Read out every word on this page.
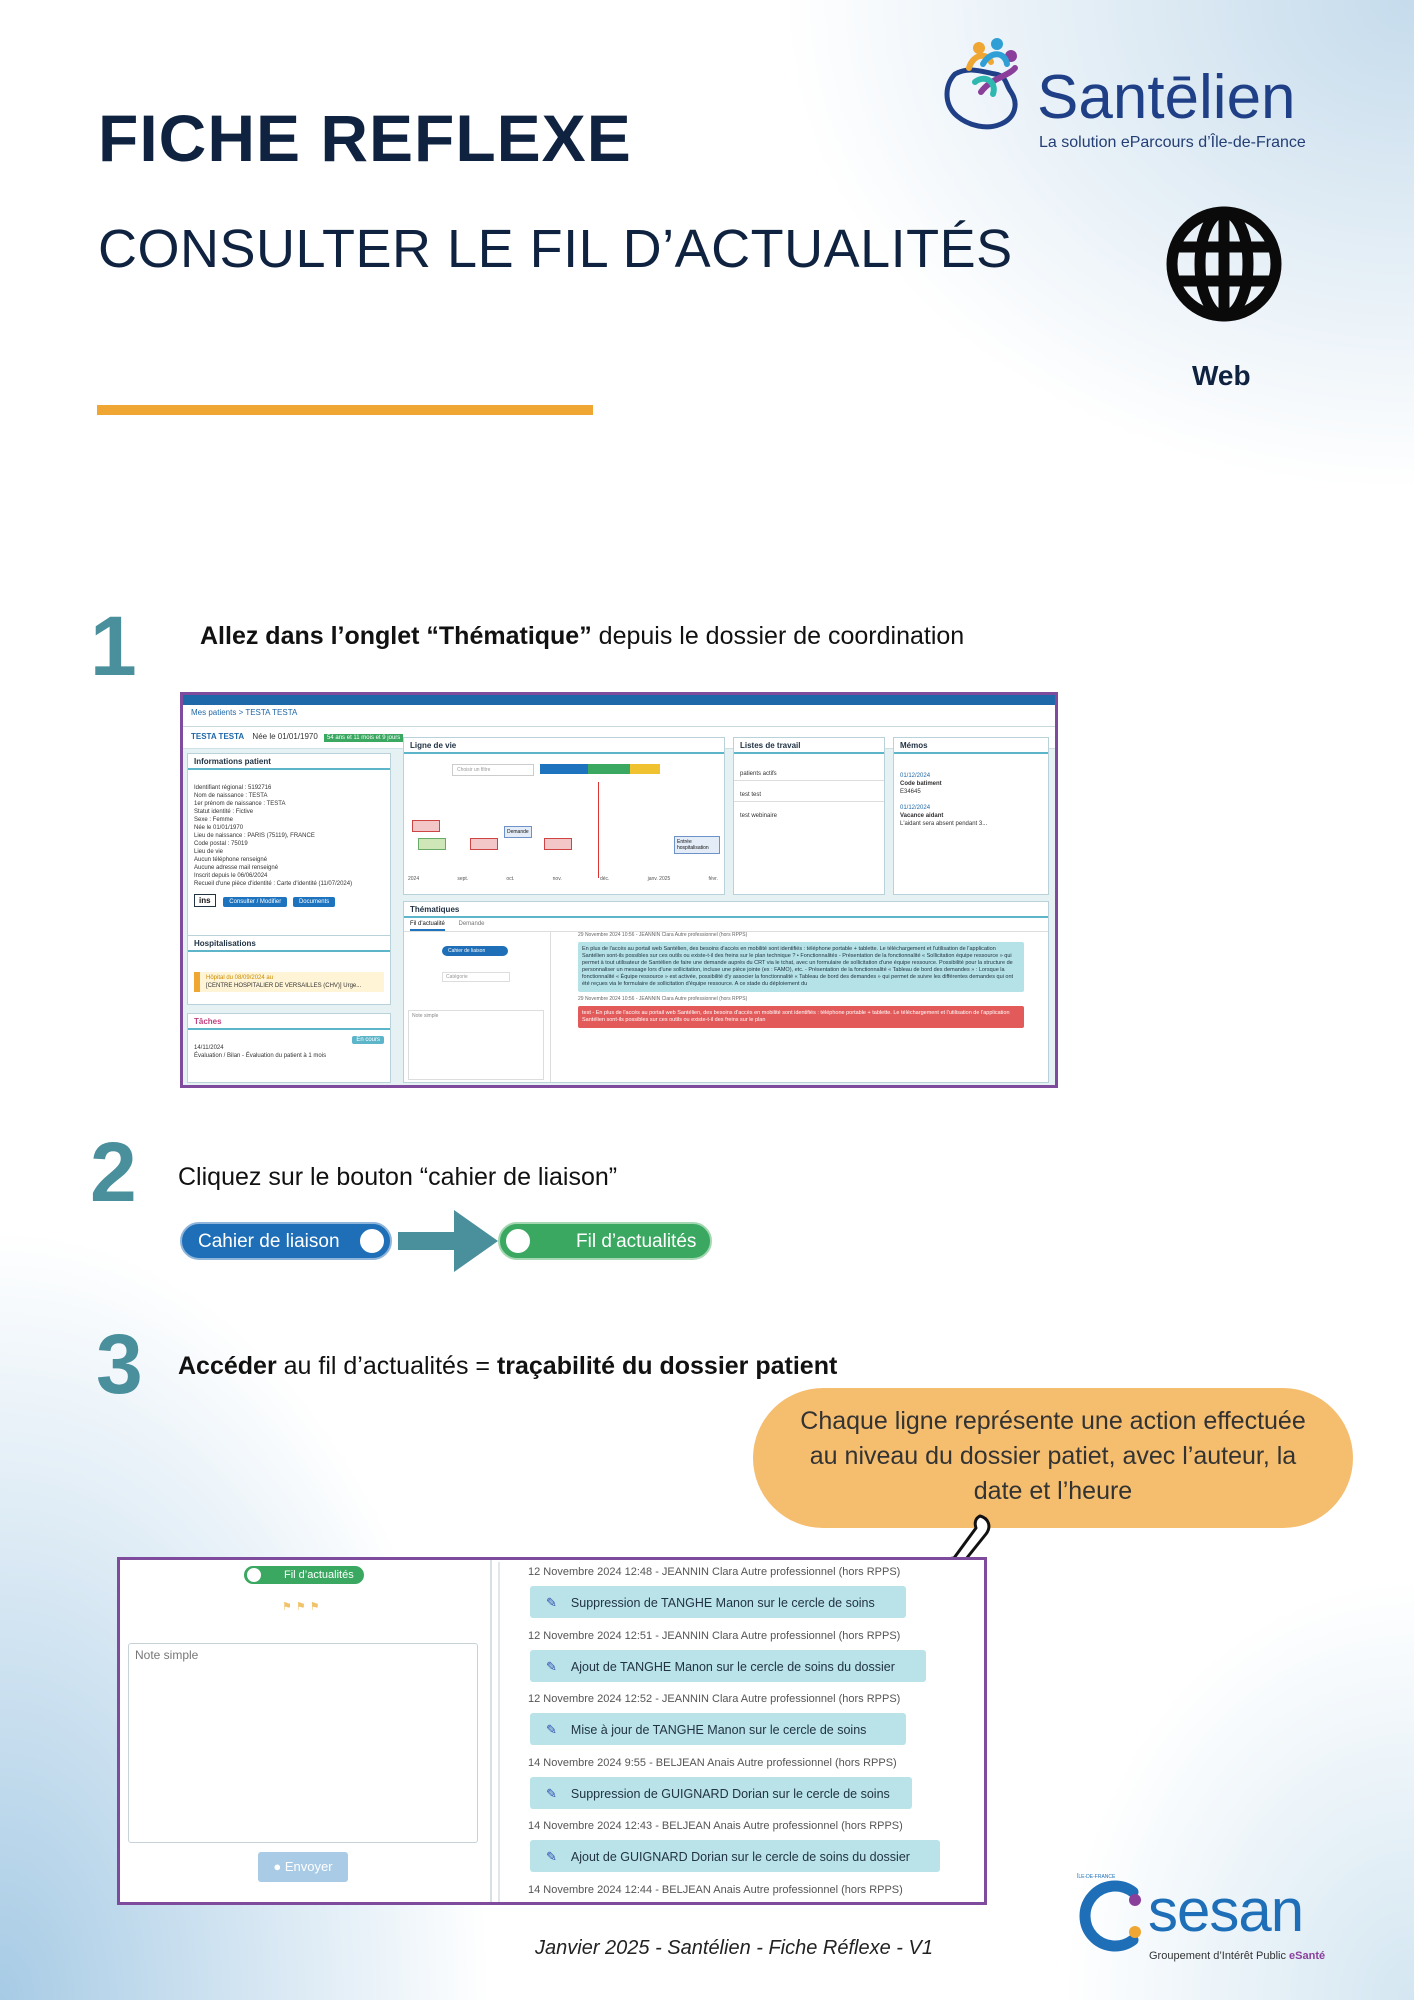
FICHE REFLEXE
CONSULTER LE FIL D’ACTUALITÉS
Santēlien
La solution eParcours d’Île-de-France
Web
1	Allez dans l’onglet “Thématique” depuis le dossier de coordination
Mes patients > TESTA TESTA
TESTA TESTA Née le 01/01/1970 54 ans et 11 mois et 9 jours
Informations patient
Identifiant régional : 5192716
Nom de naissance : TESTA
1er prénom de naissance : TESTA
Statut identité : Fictive
Sexe : Femme
Née le 01/01/1970
Lieu de naissance : PARIS (75119), FRANCE
Code postal : 75019
Lieu de vie
Aucun téléphone renseigné
Aucune adresse mail renseigné
Inscrit depuis le 06/06/2024
Recueil d'une pièce d'identité : Carte d'identité (11/07/2024)
ins	Consulter / Modifier	Documents
Hospitalisations
Hôpital du 08/09/2024 au
[CENTRE HOSPITALIER DE VERSAILLES (CHV)] Urge...
Tâches
14/11/2024
Évaluation / Bilan - Évaluation du patient à 1 mois
En cours
Ligne de vie
Choisir un filtre
Demande
Entrée hospitalisation
2024	sept.	oct.	nov.	déc.	janv. 2025	févr.
Listes de travail
patients actifs
test test
test webinaire
Mémos
01/12/2024
Code batiment
E34645
01/12/2024
Vacance aidant
L'aidant sera absent pendant 3...
Thématiques
Fil d'actualité Demande
Cahier de liaison
Catégorie
Note simple
29 Novembre 2024 10:56 - JEANNIN Clara Autre professionnel (hors RPPS)
En plus de l'accès au portail web Santélien, des besoins d'accès en mobilité sont identifiés : téléphone portable + tablette. Le téléchargement et l'utilisation de l'application Santélien sont-ils possibles sur ces outils ou existe-t-il des freins sur le plan technique ? • Fonctionnalités - Présentation de la fonctionnalité « Sollicitation équipe ressource » qui permet à tout utilisateur de Santélien de faire une demande auprès du CRT via le tchat, avec un formulaire de sollicitation d'une équipe ressource. Possibilité pour la structure de personnaliser un message lors d'une sollicitation, incluse une pièce jointe (ex : FAMO), etc. - Présentation de la fonctionnalité « Tableau de bord des demandes » : Lorsque la fonctionnalité « Équipe ressource » est activée, possibilité d'y associer la fonctionnalité « Tableau de bord des demandes » qui permet de suivre les différentes demandes qui ont été reçues via le formulaire de sollicitation d'équipe ressource. A ce stade du déploiement du
29 Novembre 2024 10:56 - JEANNIN Clara Autre professionnel (hors RPPS)
test - En plus de l'accès au portail web Santélien, des besoins d'accès en mobilité sont identifiés : téléphone portable + tablette. Le téléchargement et l'utilisation de l'application Santélien sont-ils possibles sur ces outils ou existe-t-il des freins sur le plan
2 Cliquez sur le bouton “cahier de liaison”
Cahier de liaison	Fil d’actualités
3 Accéder au fil d’actualités = traçabilité du dossier patient
Chaque ligne représente une action effectuée
au niveau du dossier patiet, avec l’auteur, la
date et l’heure
Fil d’actualités
⚑⚑⚑
Note simple
● Envoyer
12 Novembre 2024 12:48 - JEANNIN Clara Autre professionnel (hors RPPS)
✎ Suppression de TANGHE Manon sur le cercle de soins
12 Novembre 2024 12:51 - JEANNIN Clara Autre professionnel (hors RPPS)
✎ Ajout de TANGHE Manon sur le cercle de soins du dossier
12 Novembre 2024 12:52 - JEANNIN Clara Autre professionnel (hors RPPS)
✎ Mise à jour de TANGHE Manon sur le cercle de soins
14 Novembre 2024 9:55 - BELJEAN Anais Autre professionnel (hors RPPS)
✎ Suppression de GUIGNARD Dorian sur le cercle de soins
14 Novembre 2024 12:43 - BELJEAN Anais Autre professionnel (hors RPPS)
✎ Ajout de GUIGNARD Dorian sur le cercle de soins du dossier
14 Novembre 2024 12:44 - BELJEAN Anais Autre professionnel (hors RPPS)
Janvier 2025 - Santélien - Fiche Réflexe - V1
sesan
Groupement d’Intérêt Public eSanté
ÎLE-DE-FRANCE
